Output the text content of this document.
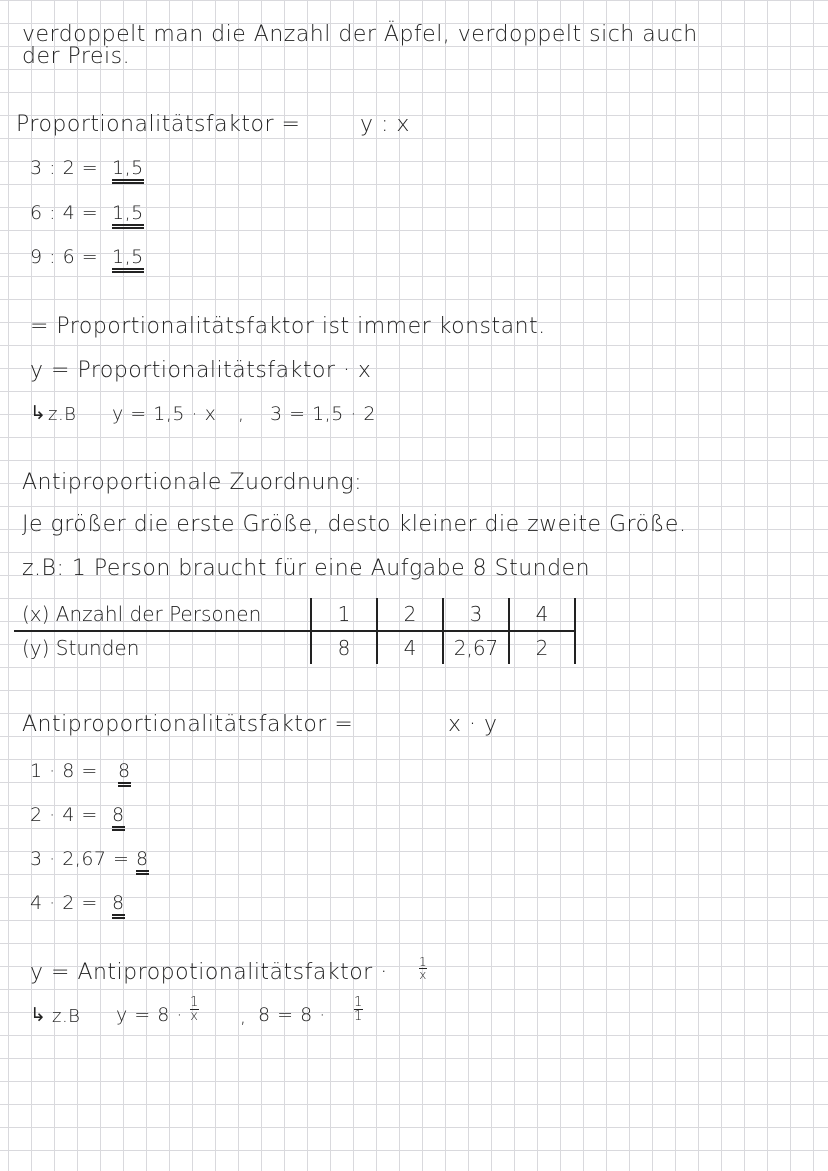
verdoppelt man die Anzahl der Äpfel, verdoppelt sich auch
der Preis.
Proportionalitätsfaktor =	y : x
3 : 2 = 1,5
6 : 4 = 1,5
9 : 6 = 1,5
= Proportionalitätsfaktor ist immer konstant.
y = Proportionalitätsfaktor · x
↳ z.B y = 1,5 · x , 3 = 1,5 · 2
Antiproportionale Zuordnung:
Je größer die erste Größe, desto kleiner die zweite Größe.
z.B: 1 Person braucht für eine Aufgabe 8 Stunden
(x) Anzahl der Personen	1	2	3	4
(y) Stunden	8	4	2,67	2
Antiproportionalitätsfaktor =	x · y
1 · 8 = 8
2 · 4 = 8
3 · 2,67 = 8
4 · 2 = 8
y = Antipropotionalitätsfaktor ·	$\frac{1}{x}$
↳ z.B $y = 8 \cdot \frac{1}{x}$ , $8 = 8 \cdot \frac{1}{1}$
